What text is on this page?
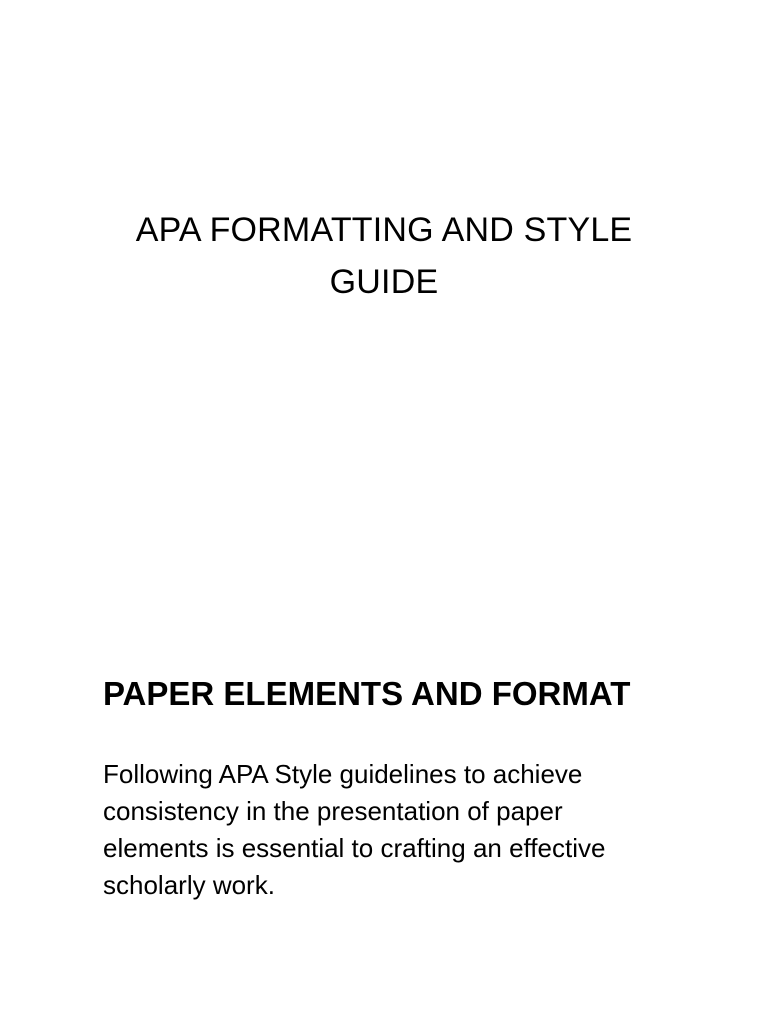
APA FORMATTING AND STYLE
GUIDE
PAPER ELEMENTS AND FORMAT

Following APA Style guidelines to achieve
consistency in the presentation of paper
elements is essential to crafting an effective
scholarly work.
